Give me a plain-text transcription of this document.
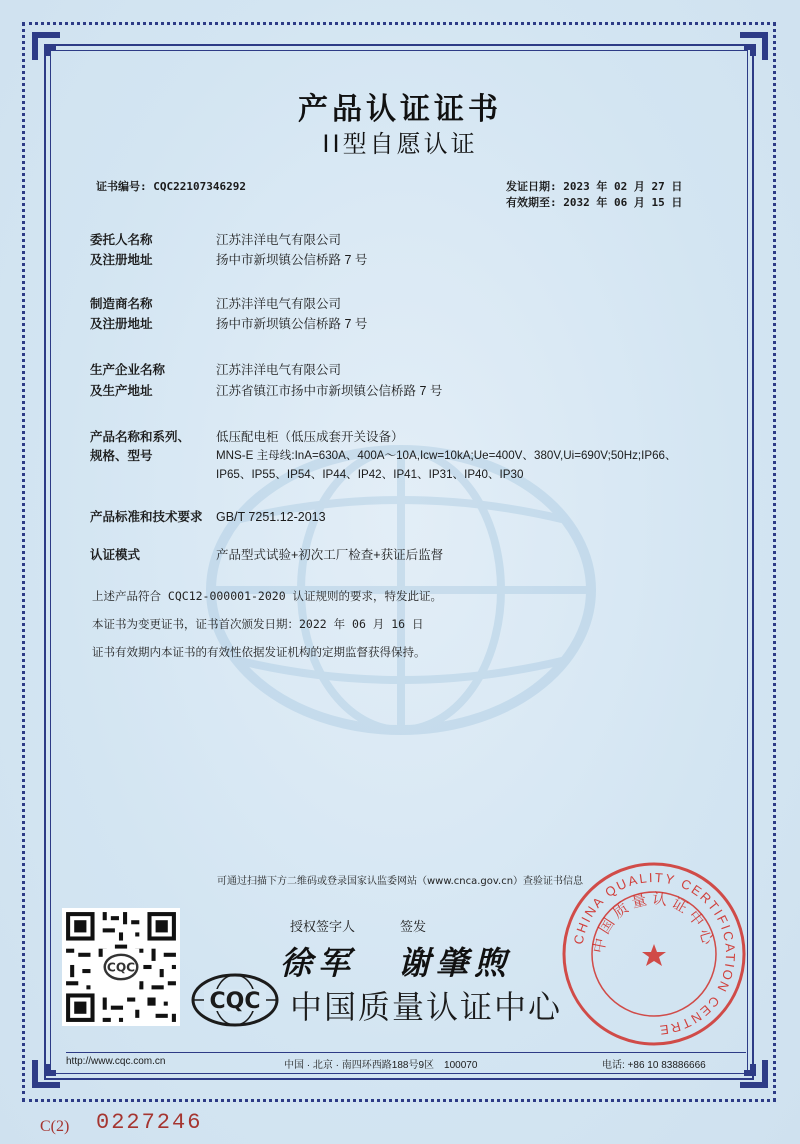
产品认证证书
II型自愿认证
证书编号: CQC22107346292	发证日期: 2023 年 02 月 27 日
有效期至: 2032 年 06 月 15 日
委托人名称	江苏沣洋电气有限公司
及注册地址	扬中市新坝镇公信桥路 7 号
制造商名称	江苏沣洋电气有限公司
及注册地址	扬中市新坝镇公信桥路 7 号
生产企业名称	江苏沣洋电气有限公司
及生产地址	江苏省镇江市扬中市新坝镇公信桥路 7 号
产品名称和系列、	低压配电柜（低压成套开关设备）
规格、型号	MNS-E 主母线:InA=630A、400A～10A,Icw=10kA;Ue=400V、380V,Ui=690V;50Hz;IP66、
IP65、IP55、IP54、IP44、IP42、IP41、IP31、IP40、IP30
产品标准和技术要求	GB/T 7251.12-2013
认证模式	产品型式试验+初次工厂检查+获证后监督
上述产品符合 CQC12-000001-2020 认证规则的要求，特发此证。
本证书为变更证书，证书首次颁发日期：2022 年 06 月 16 日
证书有效期内本证书的有效性依据发证机构的定期监督获得保持。
可通过扫描下方二维码或登录国家认监委网站（www.cnca.gov.cn）查验证书信息
CQC
授权签字人	签发
徐军 谢肇煦
CQC 中国质量认证中心
CHINA QUALITY CERTIFICATION CENTRE
中国质量认证中心
http://www.cqc.com.cn	中国 · 北京 · 南四环西路188号9区　100070	电话: +86 10 83886666
C(2) 0227246
